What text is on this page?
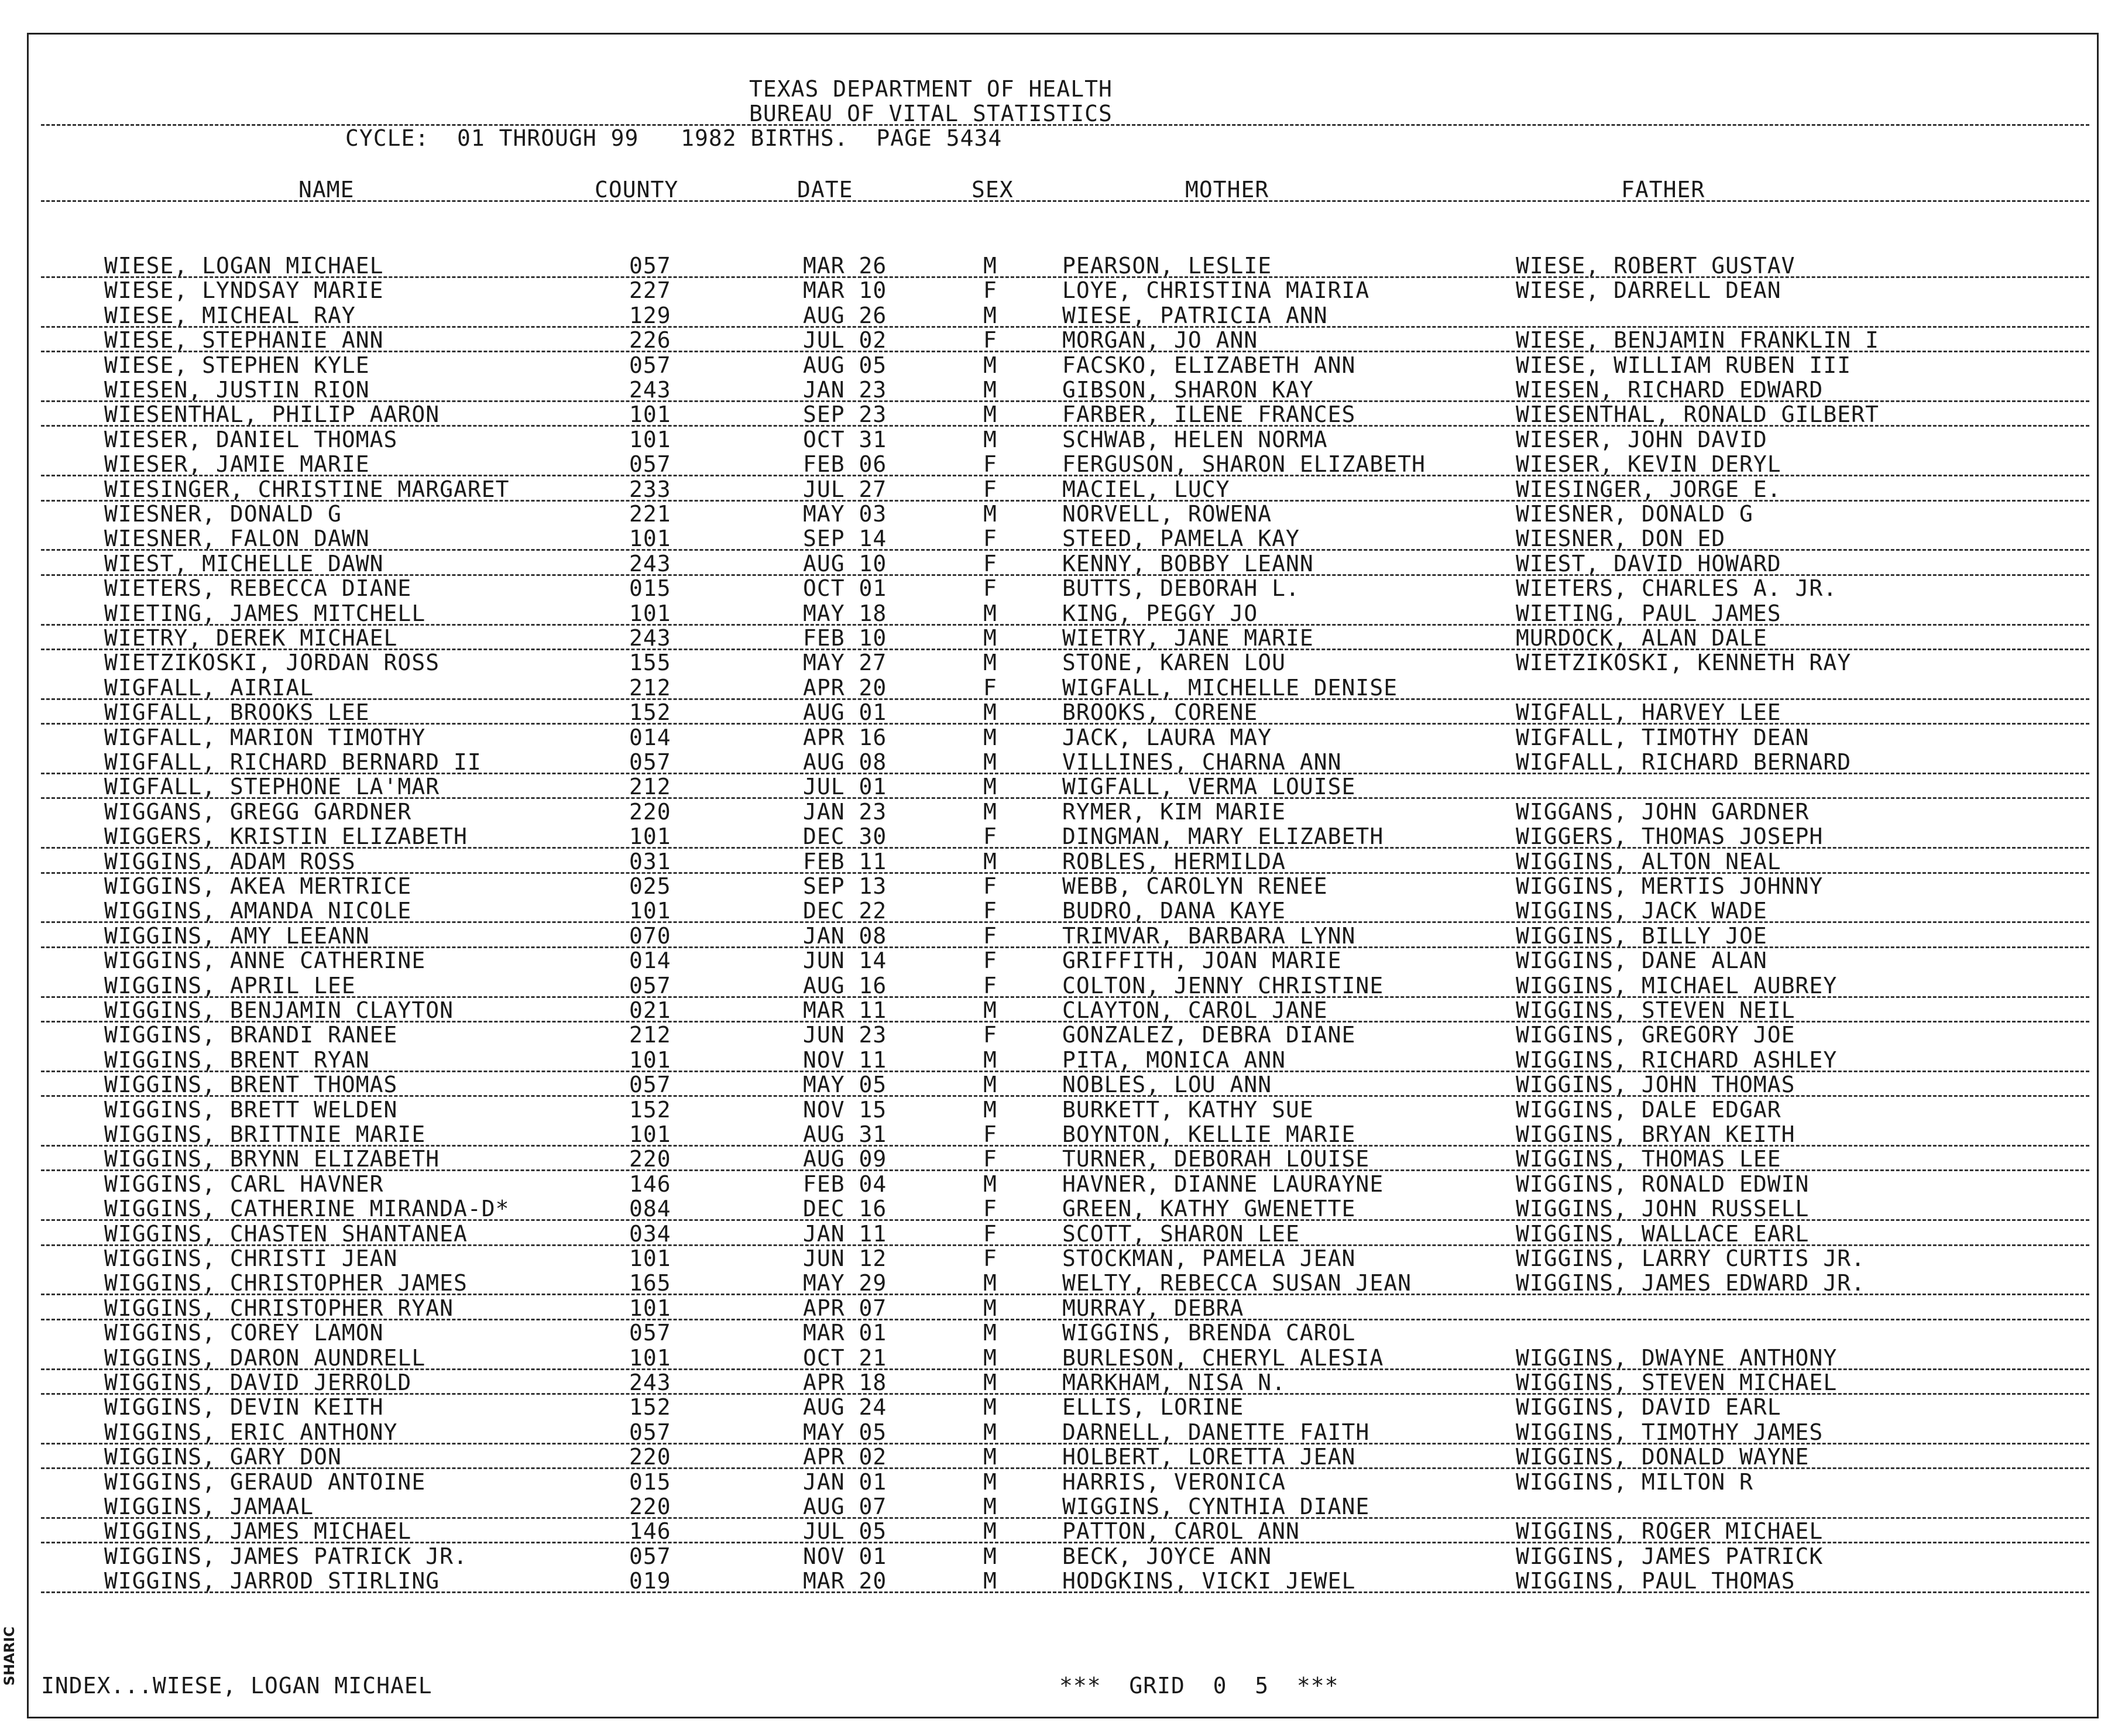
TEXAS DEPARTMENT OF HEALTH
BUREAU OF VITAL STATISTICS
CYCLE:  01 THROUGH 99   1982 BIRTHS.  PAGE 5434
NAME	COUNTY	DATE	SEX	MOTHER	FATHER
WIESE, LOGAN MICHAEL	057	MAR 26	M	PEARSON, LESLIE	WIESE, ROBERT GUSTAV
WIESE, LYNDSAY MARIE	227	MAR 10	F	LOYE, CHRISTINA MAIRIA	WIESE, DARRELL DEAN
WIESE, MICHEAL RAY	129	AUG 26	M	WIESE, PATRICIA ANN
WIESE, STEPHANIE ANN	226	JUL 02	F	MORGAN, JO ANN	WIESE, BENJAMIN FRANKLIN I
WIESE, STEPHEN KYLE	057	AUG 05	M	FACSKO, ELIZABETH ANN	WIESE, WILLIAM RUBEN III
WIESEN, JUSTIN RION	243	JAN 23	M	GIBSON, SHARON KAY	WIESEN, RICHARD EDWARD
WIESENTHAL, PHILIP AARON	101	SEP 23	M	FARBER, ILENE FRANCES	WIESENTHAL, RONALD GILBERT
WIESER, DANIEL THOMAS	101	OCT 31	M	SCHWAB, HELEN NORMA	WIESER, JOHN DAVID
WIESER, JAMIE MARIE	057	FEB 06	F	FERGUSON, SHARON ELIZABETH	WIESER, KEVIN DERYL
WIESINGER, CHRISTINE MARGARET	233	JUL 27	F	MACIEL, LUCY	WIESINGER, JORGE E.
WIESNER, DONALD G	221	MAY 03	M	NORVELL, ROWENA	WIESNER, DONALD G
WIESNER, FALON DAWN	101	SEP 14	F	STEED, PAMELA KAY	WIESNER, DON ED
WIEST, MICHELLE DAWN	243	AUG 10	F	KENNY, BOBBY LEANN	WIEST, DAVID HOWARD
WIETERS, REBECCA DIANE	015	OCT 01	F	BUTTS, DEBORAH L.	WIETERS, CHARLES A. JR.
WIETING, JAMES MITCHELL	101	MAY 18	M	KING, PEGGY JO	WIETING, PAUL JAMES
WIETRY, DEREK MICHAEL	243	FEB 10	M	WIETRY, JANE MARIE	MURDOCK, ALAN DALE
WIETZIKOSKI, JORDAN ROSS	155	MAY 27	M	STONE, KAREN LOU	WIETZIKOSKI, KENNETH RAY
WIGFALL, AIRIAL	212	APR 20	F	WIGFALL, MICHELLE DENISE
WIGFALL, BROOKS LEE	152	AUG 01	M	BROOKS, CORENE	WIGFALL, HARVEY LEE
WIGFALL, MARION TIMOTHY	014	APR 16	M	JACK, LAURA MAY	WIGFALL, TIMOTHY DEAN
WIGFALL, RICHARD BERNARD II	057	AUG 08	M	VILLINES, CHARNA ANN	WIGFALL, RICHARD BERNARD
WIGFALL, STEPHONE LA'MAR	212	JUL 01	M	WIGFALL, VERMA LOUISE
WIGGANS, GREGG GARDNER	220	JAN 23	M	RYMER, KIM MARIE	WIGGANS, JOHN GARDNER
WIGGERS, KRISTIN ELIZABETH	101	DEC 30	F	DINGMAN, MARY ELIZABETH	WIGGERS, THOMAS JOSEPH
WIGGINS, ADAM ROSS	031	FEB 11	M	ROBLES, HERMILDA	WIGGINS, ALTON NEAL
WIGGINS, AKEA MERTRICE	025	SEP 13	F	WEBB, CAROLYN RENEE	WIGGINS, MERTIS JOHNNY
WIGGINS, AMANDA NICOLE	101	DEC 22	F	BUDRO, DANA KAYE	WIGGINS, JACK WADE
WIGGINS, AMY LEEANN	070	JAN 08	F	TRIMVAR, BARBARA LYNN	WIGGINS, BILLY JOE
WIGGINS, ANNE CATHERINE	014	JUN 14	F	GRIFFITH, JOAN MARIE	WIGGINS, DANE ALAN
WIGGINS, APRIL LEE	057	AUG 16	F	COLTON, JENNY CHRISTINE	WIGGINS, MICHAEL AUBREY
WIGGINS, BENJAMIN CLAYTON	021	MAR 11	M	CLAYTON, CAROL JANE	WIGGINS, STEVEN NEIL
WIGGINS, BRANDI RANEE	212	JUN 23	F	GONZALEZ, DEBRA DIANE	WIGGINS, GREGORY JOE
WIGGINS, BRENT RYAN	101	NOV 11	M	PITA, MONICA ANN	WIGGINS, RICHARD ASHLEY
WIGGINS, BRENT THOMAS	057	MAY 05	M	NOBLES, LOU ANN	WIGGINS, JOHN THOMAS
WIGGINS, BRETT WELDEN	152	NOV 15	M	BURKETT, KATHY SUE	WIGGINS, DALE EDGAR
WIGGINS, BRITTNIE MARIE	101	AUG 31	F	BOYNTON, KELLIE MARIE	WIGGINS, BRYAN KEITH
WIGGINS, BRYNN ELIZABETH	220	AUG 09	F	TURNER, DEBORAH LOUISE	WIGGINS, THOMAS LEE
WIGGINS, CARL HAVNER	146	FEB 04	M	HAVNER, DIANNE LAURAYNE	WIGGINS, RONALD EDWIN
WIGGINS, CATHERINE MIRANDA-D*	084	DEC 16	F	GREEN, KATHY GWENETTE	WIGGINS, JOHN RUSSELL
WIGGINS, CHASTEN SHANTANEA	034	JAN 11	F	SCOTT, SHARON LEE	WIGGINS, WALLACE EARL
WIGGINS, CHRISTI JEAN	101	JUN 12	F	STOCKMAN, PAMELA JEAN	WIGGINS, LARRY CURTIS JR.
WIGGINS, CHRISTOPHER JAMES	165	MAY 29	M	WELTY, REBECCA SUSAN JEAN	WIGGINS, JAMES EDWARD JR.
WIGGINS, CHRISTOPHER RYAN	101	APR 07	M	MURRAY, DEBRA
WIGGINS, COREY LAMON	057	MAR 01	M	WIGGINS, BRENDA CAROL
WIGGINS, DARON AUNDRELL	101	OCT 21	M	BURLESON, CHERYL ALESIA	WIGGINS, DWAYNE ANTHONY
WIGGINS, DAVID JERROLD	243	APR 18	M	MARKHAM, NISA N.	WIGGINS, STEVEN MICHAEL
WIGGINS, DEVIN KEITH	152	AUG 24	M	ELLIS, LORINE	WIGGINS, DAVID EARL
WIGGINS, ERIC ANTHONY	057	MAY 05	M	DARNELL, DANETTE FAITH	WIGGINS, TIMOTHY JAMES
WIGGINS, GARY DON	220	APR 02	M	HOLBERT, LORETTA JEAN	WIGGINS, DONALD WAYNE
WIGGINS, GERAUD ANTOINE	015	JAN 01	M	HARRIS, VERONICA	WIGGINS, MILTON R
WIGGINS, JAMAAL	220	AUG 07	M	WIGGINS, CYNTHIA DIANE
WIGGINS, JAMES MICHAEL	146	JUL 05	M	PATTON, CAROL ANN	WIGGINS, ROGER MICHAEL
WIGGINS, JAMES PATRICK JR.	057	NOV 01	M	BECK, JOYCE ANN	WIGGINS, JAMES PATRICK
WIGGINS, JARROD STIRLING	019	MAR 20	M	HODGKINS, VICKI JEWEL	WIGGINS, PAUL THOMAS
INDEX...WIESE, LOGAN MICHAEL	***  GRID  0  5  ***
SHARIC
